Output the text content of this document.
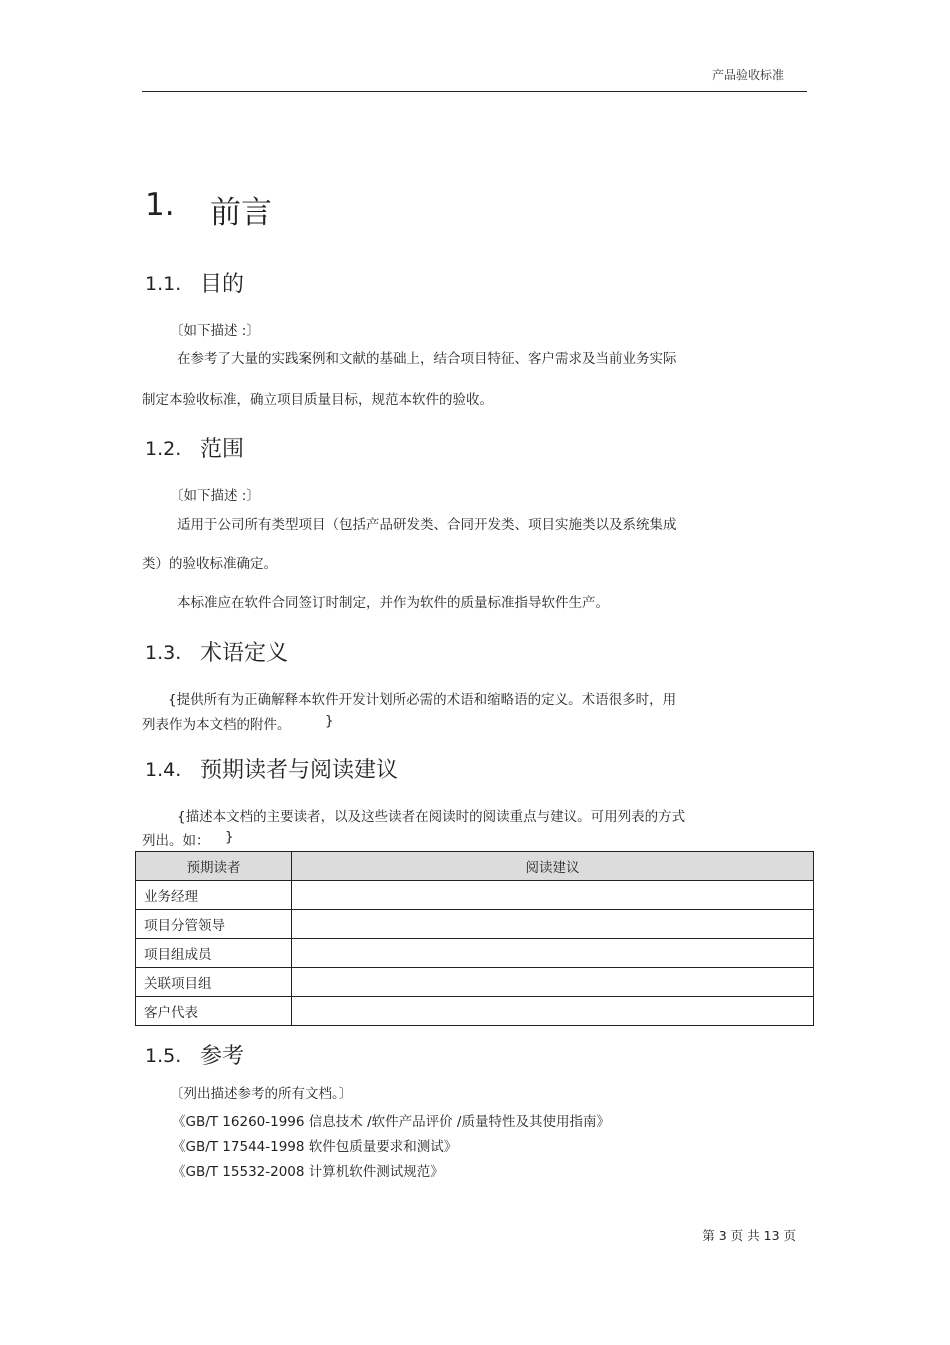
产品验收标准
1. 前言
1.1. 目的
〔如下描述 :〕
在参考了大量的实践案例和文献的基础上，结合项目特征、客户需求及当前业务实际
制定本验收标准，确立项目质量目标，规范本软件的验收。
1.2. 范围
〔如下描述 :〕
适用于公司所有类型项目（包括产品研发类、合同开发类、项目实施类以及系统集成
类）的验收标准确定。
本标准应在软件合同签订时制定，并作为软件的质量标准指导软件生产。
1.3. 术语定义
{提供所有为正确解释本软件开发计划所必需的术语和缩略语的定义。术语很多时，用
列表作为本文档的附件。	}
1.4. 预期读者与阅读建议
{描述本文档的主要读者，以及这些读者在阅读时的阅读重点与建议。可用列表的方式
列出。如： }
预期读者	阅读建议
业务经理	
项目分管领导	
项目组成员	
关联项目组	
客户代表	
1.5. 参考
〔列出描述参考的所有文档。〕
《GB/T 16260-1996 信息技术 /软件产品评价 /质量特性及其使用指南》
《GB/T 17544-1998 软件包质量要求和测试》
《GB/T 15532-2008 计算机软件测试规范》
第 3 页 共 13 页
